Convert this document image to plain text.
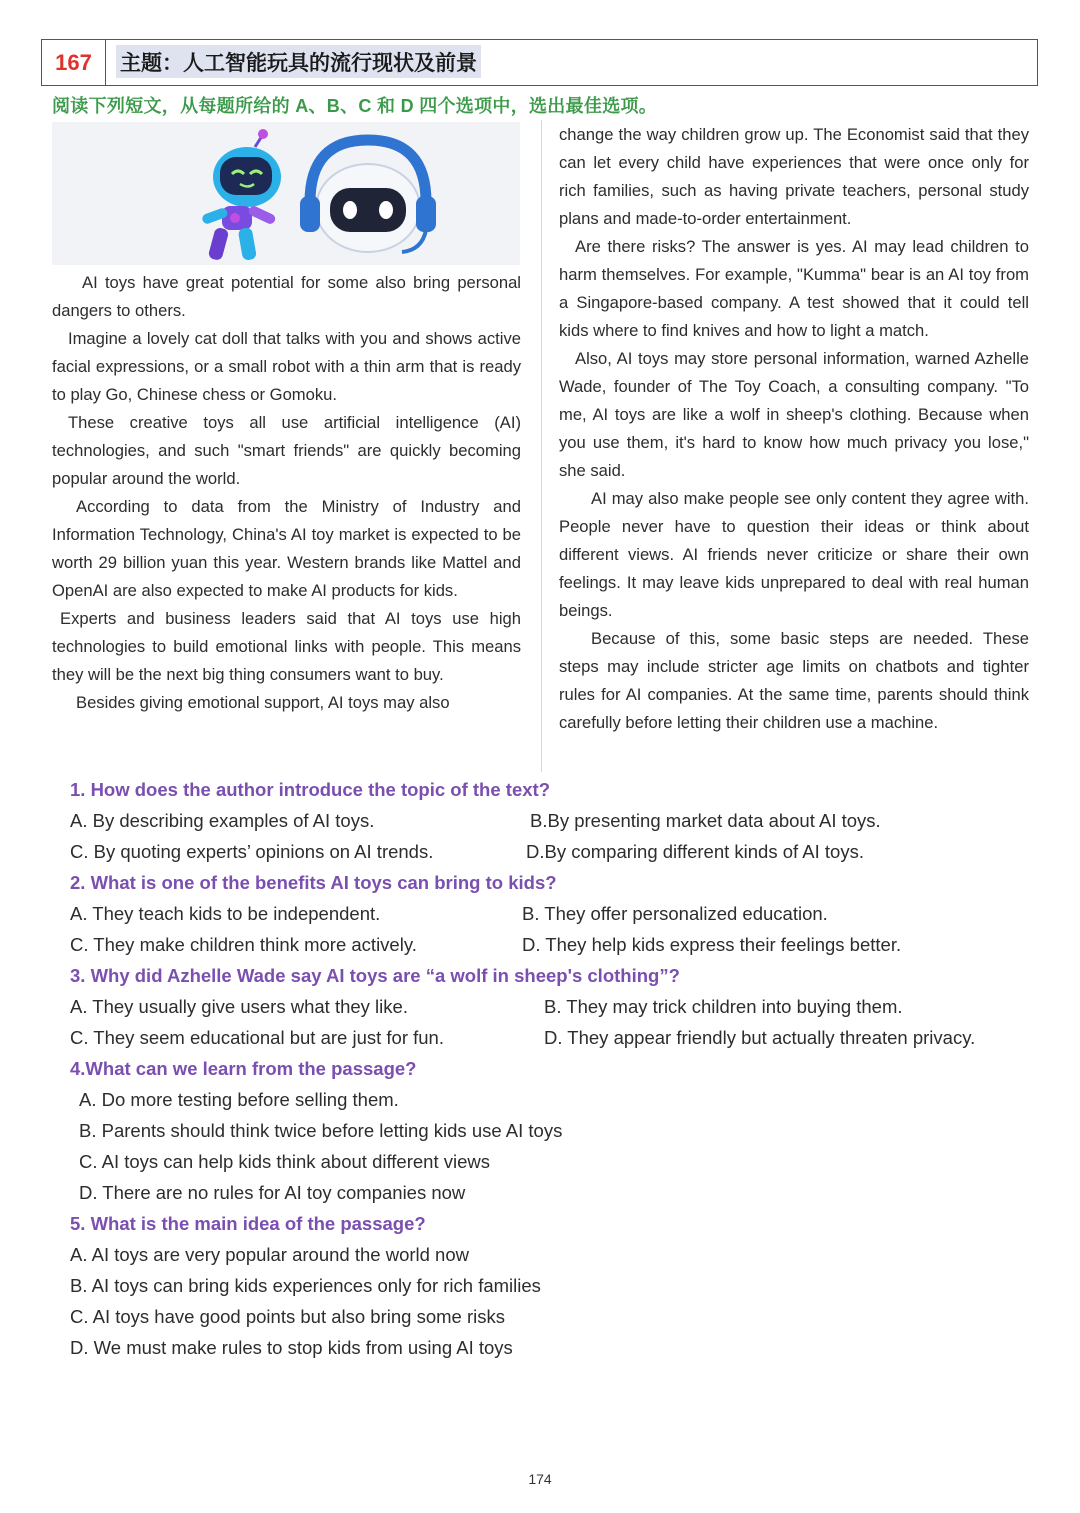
167	主题：人工智能玩具的流行现状及前景
阅读下列短文，从每题所给的 A、B、C 和 D 四个选项中，选出最佳选项。

AI toys have great potential for some also bring personal dangers to others.

Imagine a lovely cat doll that talks with you and shows active facial expressions, or a small robot with a thin arm that is ready to play Go, Chinese chess or Gomoku.

These creative toys all use artificial intelligence (AI) technologies, and such "smart friends" are quickly becoming popular around the world.

According to data from the Ministry of Industry and Information Technology, China's AI toy market is expected to be worth 29 billion yuan this year. Western brands like Mattel and OpenAI are also expected to make AI products for kids.

Experts and business leaders said that AI toys use high technologies to build emotional links with people. This means they will be the next big thing consumers want to buy.

Besides giving emotional support, AI toys may also

change the way children grow up. The Economist said that they can let every child have experiences that were once only for rich families, such as having private teachers, personal study plans and made-to-order entertainment.

Are there risks? The answer is yes. AI may lead children to harm themselves. For example, "Kumma" bear is an AI toy from a Singapore-based company. A test showed that it could tell kids where to find knives and how to light a match.

Also, AI toys may store personal information, warned Azhelle Wade, founder of The Toy Coach, a consulting company. "To me, AI toys are like a wolf in sheep's clothing. Because when you use them, it's hard to know how much privacy you lose," she said.

AI may also make people see only content they agree with. People never have to question their ideas or think about different views. AI friends never criticize or share their own feelings. It may leave kids unprepared to deal with real human beings.

Because of this, some basic steps are needed. These steps may include stricter age limits on chatbots and tighter rules for AI companies. At the same time, parents should think carefully before letting their children use a machine.

1. How does the author introduce the topic of the text?
A. By describing examples of AI toys.	B.By presenting market data about AI toys.
C. By quoting experts’ opinions on AI trends.	D.By comparing different kinds of AI toys.
2. What is one of the benefits AI toys can bring to kids?
A. They teach kids to be independent.	B. They offer personalized education.
C. They make children think more actively.	D. They help kids express their feelings better.
3. Why did Azhelle Wade say AI toys are “a wolf in sheep's clothing”?
A. They usually give users what they like.	B. They may trick children into buying them.
C. They seem educational but are just for fun.	D. They appear friendly but actually threaten privacy.
4.What can we learn from the passage?
A. Do more testing before selling them.
B. Parents should think twice before letting kids use AI toys
C. AI toys can help kids think about different views
D. There are no rules for AI toy companies now
5. What is the main idea of the passage?
A. AI toys are very popular around the world now
B. AI toys can bring kids experiences only for rich families
C. AI toys have good points but also bring some risks
D. We must make rules to stop kids from using AI toys
174
